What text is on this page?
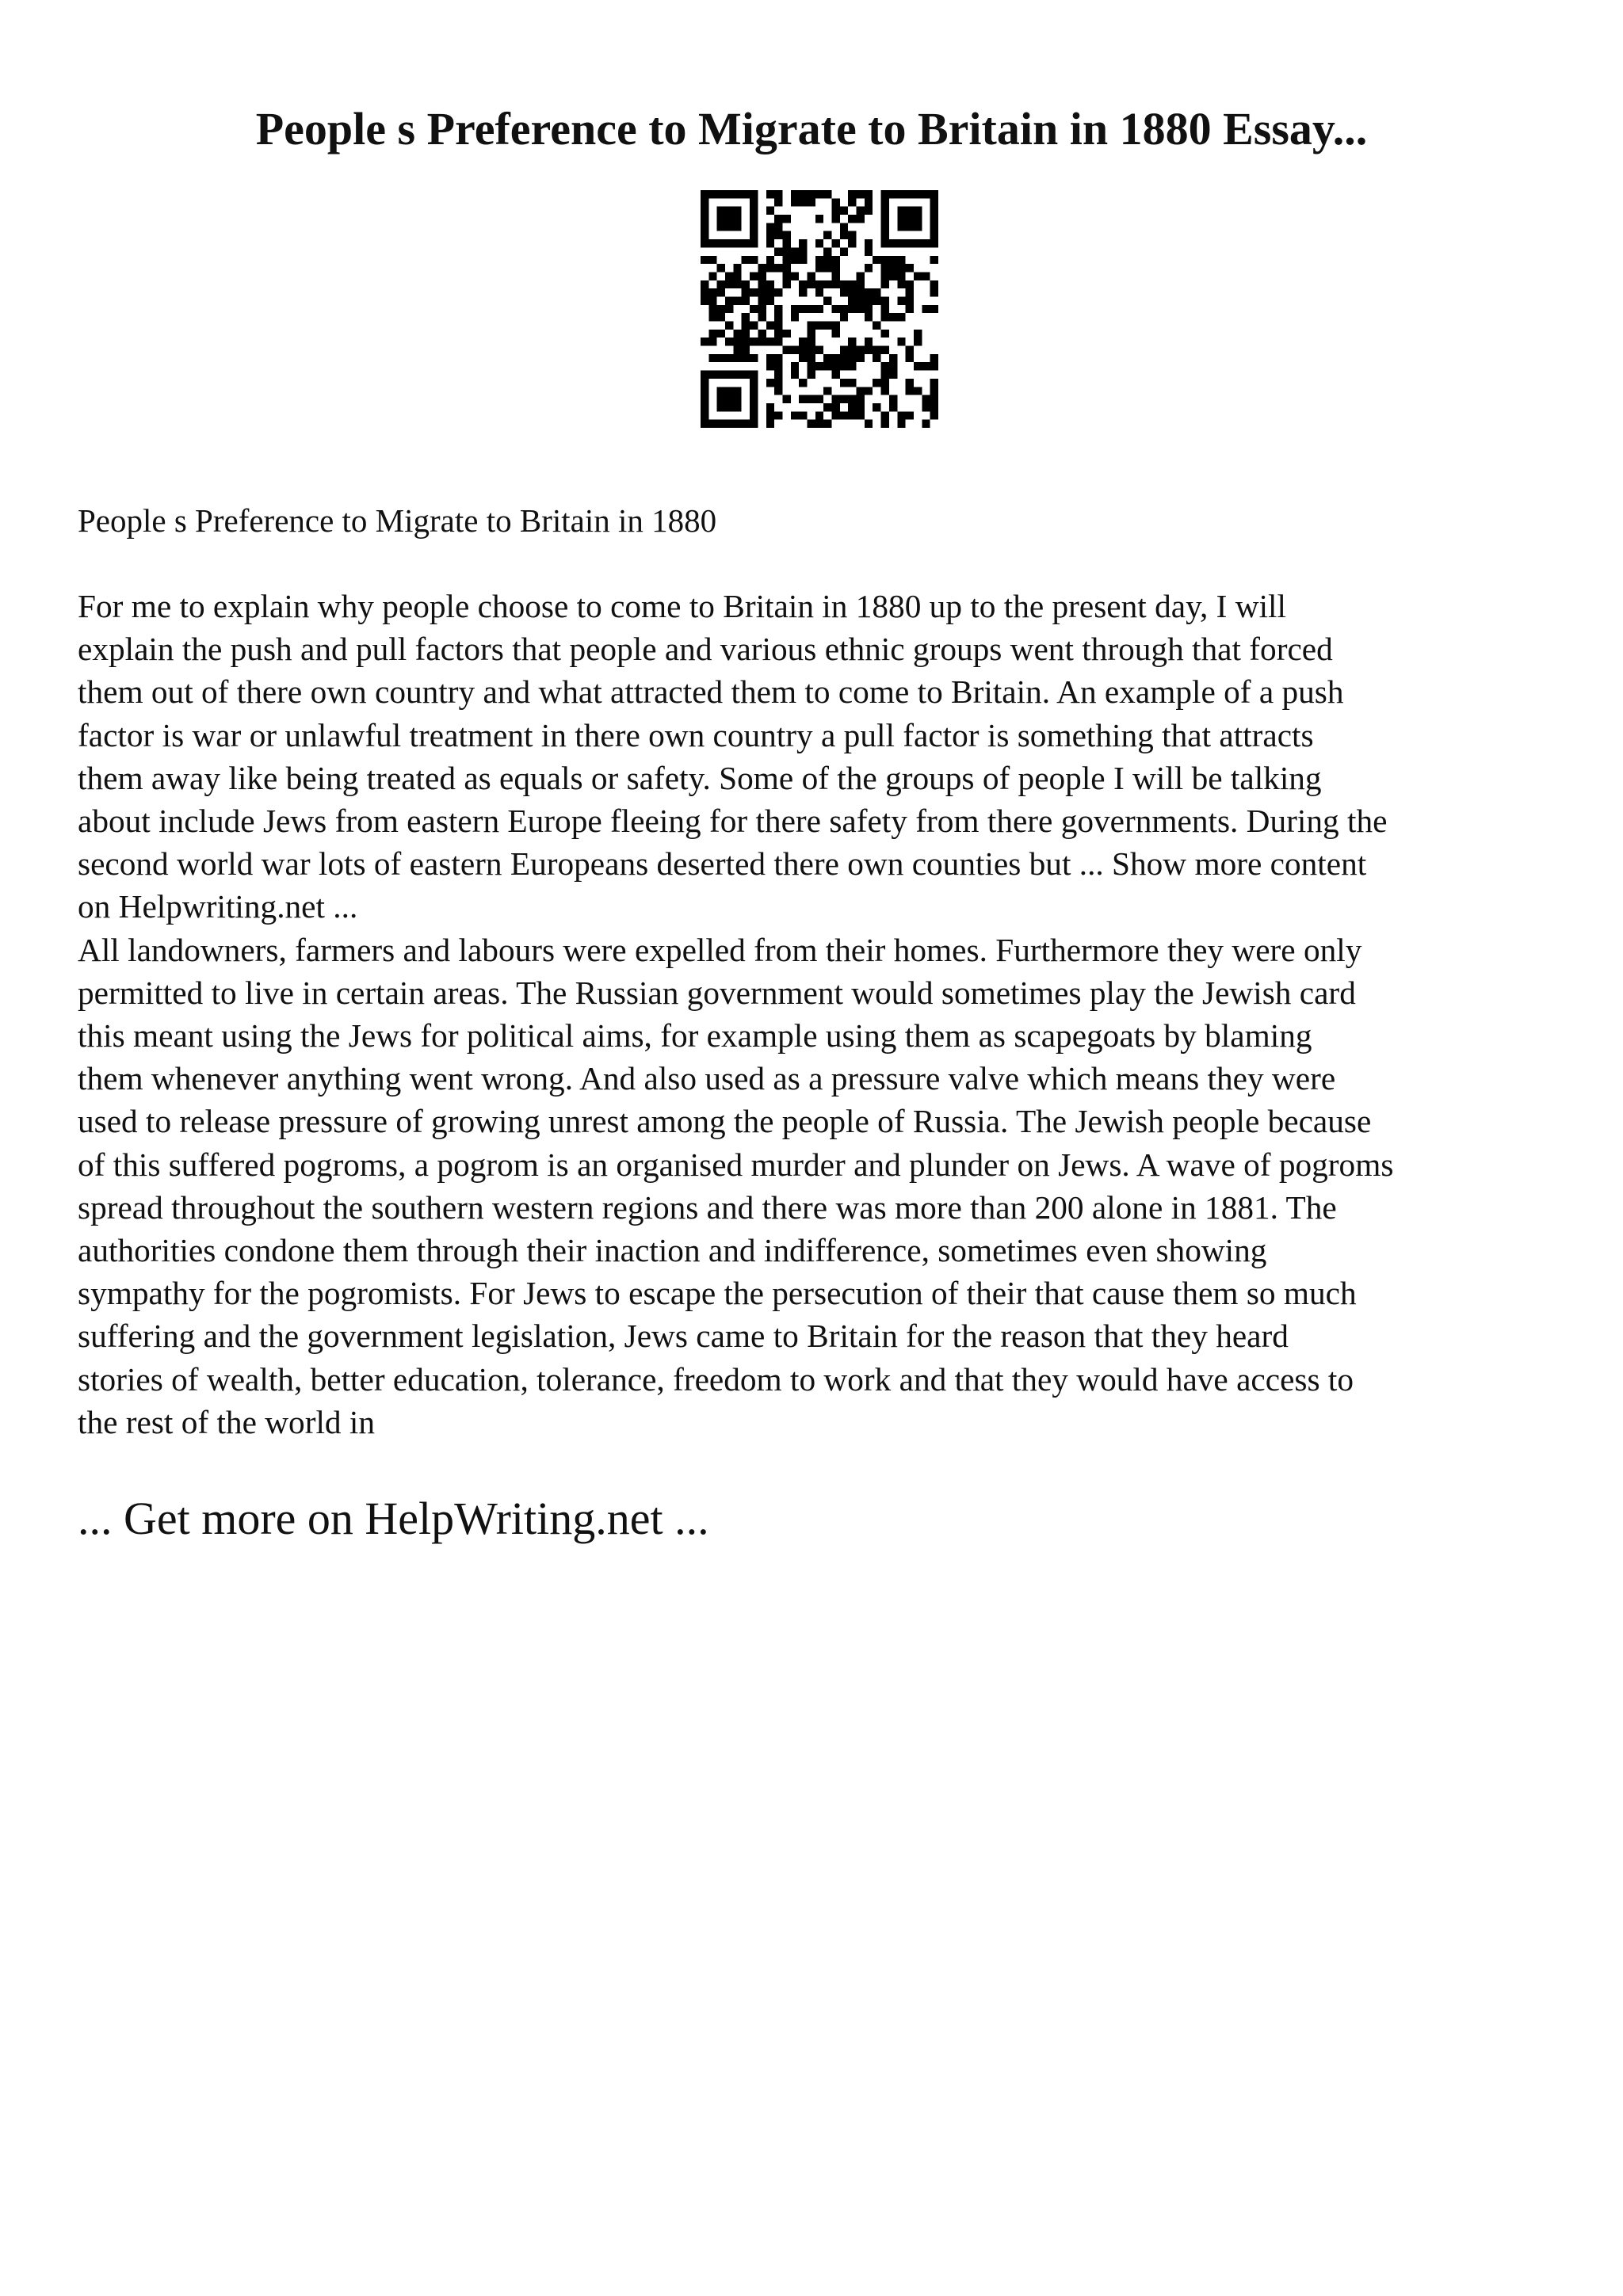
People s Preference to Migrate to Britain in 1880 Essay...

People s Preference to Migrate to Britain in 1880

For me to explain why people choose to come to Britain in 1880 up to the present day, I will
explain the push and pull factors that people and various ethnic groups went through that forced
them out of there own country and what attracted them to come to Britain. An example of a push
factor is war or unlawful treatment in there own country a pull factor is something that attracts
them away like being treated as equals or safety. Some of the groups of people I will be talking
about include Jews from eastern Europe fleeing for there safety from there governments. During the
second world war lots of eastern Europeans deserted there own counties but ... Show more content
on Helpwriting.net ...
All landowners, farmers and labours were expelled from their homes. Furthermore they were only
permitted to live in certain areas. The Russian government would sometimes play the Jewish card
this meant using the Jews for political aims, for example using them as scapegoats by blaming
them whenever anything went wrong. And also used as a pressure valve which means they were
used to release pressure of growing unrest among the people of Russia. The Jewish people because
of this suffered pogroms, a pogrom is an organised murder and plunder on Jews. A wave of pogroms
spread throughout the southern western regions and there was more than 200 alone in 1881. The
authorities condone them through their inaction and indifference, sometimes even showing
sympathy for the pogromists. For Jews to escape the persecution of their that cause them so much
suffering and the government legislation, Jews came to Britain for the reason that they heard
stories of wealth, better education, tolerance, freedom to work and that they would have access to
the rest of the world in

... Get more on HelpWriting.net ...
